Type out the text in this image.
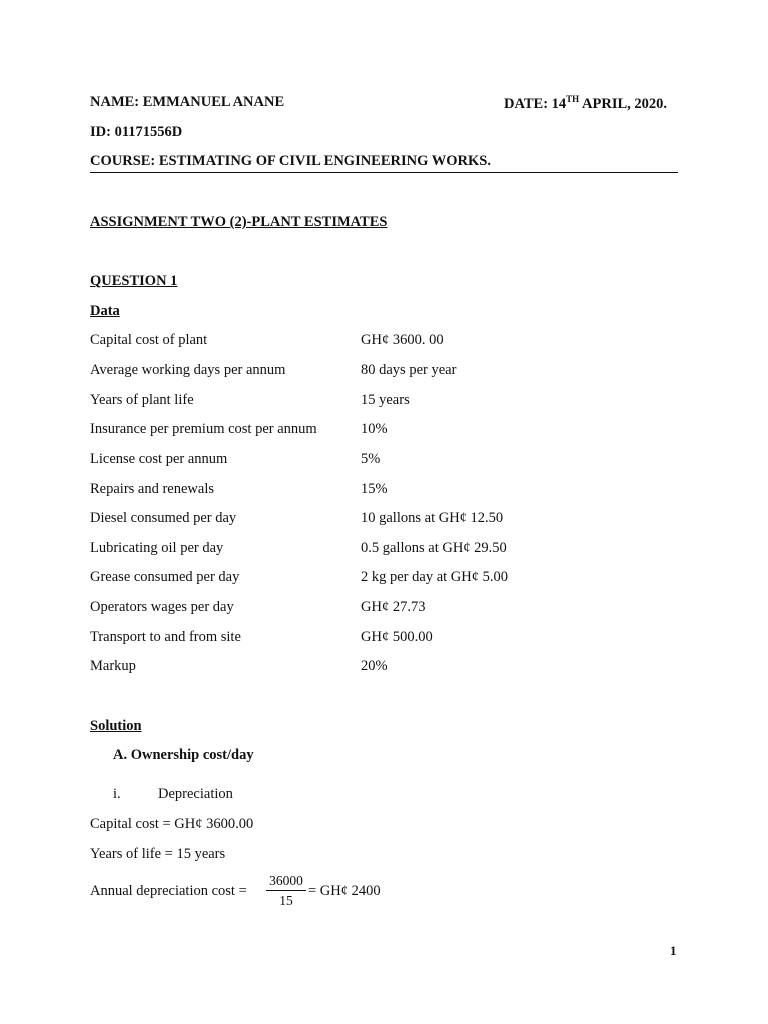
NAME: EMMANUEL ANANE	DATE: 14TH APRIL, 2020.
ID: 01171556D
COURSE: ESTIMATING OF CIVIL ENGINEERING WORKS.
ASSIGNMENT TWO (2)-PLANT ESTIMATES
QUESTION 1
Data
Capital cost of plant	GH¢ 3600. 00
Average working days per annum	80 days per year
Years of plant life	15 years
Insurance per premium cost per annum	10%
License cost per annum	5%
Repairs and renewals	15%
Diesel consumed per day	10 gallons at GH¢ 12.50
Lubricating oil per day	0.5 gallons at GH¢ 29.50
Grease consumed per day	2 kg per day at GH¢ 5.00
Operators wages per day	GH¢ 27.73
Transport to and from site	GH¢ 500.00
Markup	20%
Solution
A. Ownership cost/day
i.	Depreciation
Capital cost = GH¢ 3600.00
Years of life = 15 years
Annual depreciation cost =
36000
15
= GH¢ 2400
1
